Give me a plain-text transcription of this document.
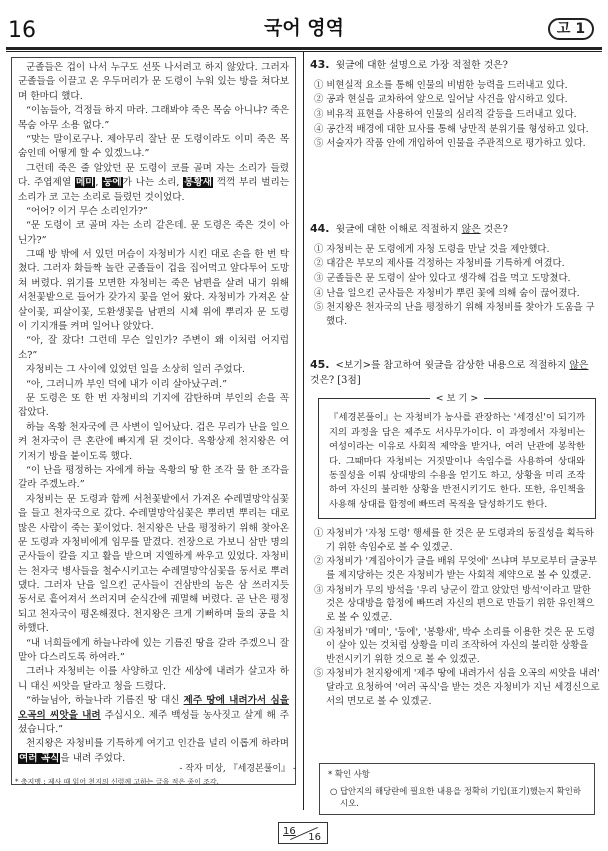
16	국어 영역	고 1

군졸들은 겁이 나서 누구도 선뜻 나서려고 하지 않았다. 그러자 군졸들을 이끌고 온 우두머리가 문 도령이 누워 있는 방을 쳐다보며 한마디 했다.

“이놈들아, 걱정들 하지 마라. 그래봐야 죽은 목숨 아니냐? 죽은 목숨 아무 소용 없다.”

“맞는 말이로구나. 제아무리 잘난 문 도령이라도 이미 죽은 목숨인데 어떻게 할 수 있겠느냐.”

그런데 죽은 줄 알았던 문 도령이 코를 골며 자는 소리가 들렸다. 주엽제열 메미, 둥에가 나는 소리, 봉황새 꺽꺽 부리 벌리는 소리가 코 고는 소리로 들렸던 것이었다.

“어어? 이거 무슨 소리인가?”

“문 도령이 코 골며 자는 소리 같은데. 문 도령은 죽은 것이 아닌가?”

그때 방 밖에 서 있던 머슴이 자청비가 시킨 대로 손을 한 번 탁 쳤다. 그러자 화들짝 놀란 군졸들이 겁을 집어먹고 앞다투어 도망쳐 버렸다. 위기를 모면한 자청비는 죽은 남편을 살려 내기 위해 서천꽃밭으로 들어가 갖가지 꽃을 얻어 왔다. 자청비가 가져온 살살이꽃, 피살이꽃, 도환생꽃을 남편의 시체 위에 뿌리자 문 도령이 기지개를 켜며 일어나 앉았다.

“아, 잘 잤다! 그런데 무슨 일인가? 주변이 왜 이처럼 어지럽소?”

자청비는 그 사이에 있었던 일을 소상히 일러 주었다.

“아, 그러니까 부인 덕에 내가 이리 살아났구려.”

문 도령은 또 한 번 자청비의 기지에 감탄하며 부인의 손을 꼭 잡았다.

하늘 옥황 천자국에 큰 사변이 일어났다. 겁은 무리가 난을 일으켜 천자국이 큰 혼란에 빠지게 된 것이다. 옥황상제 천지왕은 여기저기 방을 붙이도록 했다.

“이 난을 평정하는 자에게 하늘 옥황의 땅 한 조각 물 한 조각을 갈라 주겠노라.”

자청비는 문 도령과 함께 서천꽃밭에서 가져온 수레멸망악심꽃을 들고 천자국으로 갔다. 수레멸망악심꽃은 뿌리면 뿌리는 대로 많은 사람이 죽는 꽃이었다. 천지왕은 난을 평정하기 위해 찾아온 문 도령과 자청비에게 임무를 맡겼다. 전장으로 가보니 삼만 명의 군사들이 칼을 지고 활을 받으며 지엘하게 싸우고 있었다. 자청비는 천자국 병사들을 철수시키고는 수레멸망악심꽃을 동서로 뿌려댔다. 그러자 난을 일으킨 군사들이 건삼반의 놈은 삼 쓰러지듯 동서로 흩어져서 쓰러지며 순식간에 궤멸해 버렸다. 곧 난은 평정되고 천자국이 평온해졌다. 천지왕은 크게 기뻐하며 둘의 공을 치하했다.

“내 너희들에게 하늘나라에 있는 기름진 땅을 갈라 주겠으니 잘 맡아 다스리도록 하여라.”

그러나 자청비는 이를 사양하고 인간 세상에 내려가 살고자 하니 대신 씨앗을 달라고 청을 드렸다.

“하늘님아, 하늘나라 기름진 땅 대신 제주 땅에 내려가서 심을 오곡의 씨앗을 내려 주십시오. 제주 백성들 농사짓고 살게 해 주셨습니다.”

천지왕은 자청비를 기특하게 여기고 인간을 널리 이롭게 하라며 여러 곡식을 내려 주었다.

- 작자 미상, 『세경본풀이』 -
* 축지맹 : 제사 때 읽어 천지의 신령께 고하는 글을 적은 종이 조각.
43. 윗글에 대한 설명으로 가장 적절한 것은?
① 비현실적 요소를 통해 인물의 비범한 능력을 드러내고 있다.
② 공과 현실을 교차하여 앞으로 일어날 사건을 암시하고 있다.
③ 비유적 표현을 사용하여 인물의 심리적 갈등을 드러내고 있다.
④ 공간적 배경에 대한 묘사를 통해 낭만적 분위기를 형성하고 있다.
⑤ 서술자가 작품 안에 개입하여 인물을 주관적으로 평가하고 있다.
44. 윗글에 대한 이해로 적절하지 않은 것은?
① 자청비는 문 도령에게 자청 도령을 만날 것을 제안했다.
② 대감은 부모의 제사를 걱정하는 자청비를 기특하게 여겼다.
③ 군졸들은 문 도령이 살아 있다고 생각해 겁을 먹고 도망쳤다.
④ 난을 일으킨 군사들은 자청비가 뿌린 꽃에 의해 숨이 끊어졌다.
⑤ 천지왕은 천자국의 난을 평정하기 위해 자청비를 찾아가 도움을 구했다.
45. <보기>를 참고하여 윗글을 감상한 내용으로 적절하지 않은 것은? [3점]
< 보 기 >
『세경본풀이』는 자청비가 농사를 관장하는 '세경신'이 되기까지의 과정을 담은 제주도 서사무가이다. 이 과정에서 자청비는 여성이라는 이유로 사회적 제약을 받거나, 여러 난관에 봉착한다. 그때마다 자청비는 거짓말이나 속임수를 사용하여 상대와 동질성을 이뤄 상대방의 수용을 얻기도 하고, 상황을 미리 조작하여 자신의 불리한 상황을 반전시키기도 한다. 또한, 유인책을 사용해 상대를 함정에 빠뜨려 목적을 달성하기도 한다.
① 자청비가 '자청 도령' 행세를 한 것은 문 도령과의 동질성을 획득하기 위한 속임수로 볼 수 있겠군.
② 자청비가 '계집아이가 글을 배워 무엇에' 쓰냐며 부모로부터 글공부를 제지당하는 것은 자청비가 받는 사회적 제약으로 볼 수 있겠군.
③ 자청비가 무의 방석을 '우리 낭군이 깔고 앉았던 방석'이라고 말한 것은 상대방을 함정에 빠뜨려 자신의 편으로 만들기 위한 유인책으로 볼 수 있겠군.
④ 자청비가 '메미', '둥에', '봉황새', 박수 소리를 이용한 것은 문 도령이 살아 있는 것처럼 상황을 미리 조작하여 자신의 불리한 상황을 반전시키기 위한 것으로 볼 수 있겠군.
⑤ 자청비가 천지왕에게 '제주 땅에 내려가서 심을 오곡의 씨앗을 내려' 달라고 요청하여 '여러 곡식'을 받는 것은 자청비가 지닌 세경신으로서의 면모로 볼 수 있겠군.
* 확인 사항
○ 답안지의 해당란에 필요한 내용을 정확히 기입(표기)했는지 확인하시오.
16
16
